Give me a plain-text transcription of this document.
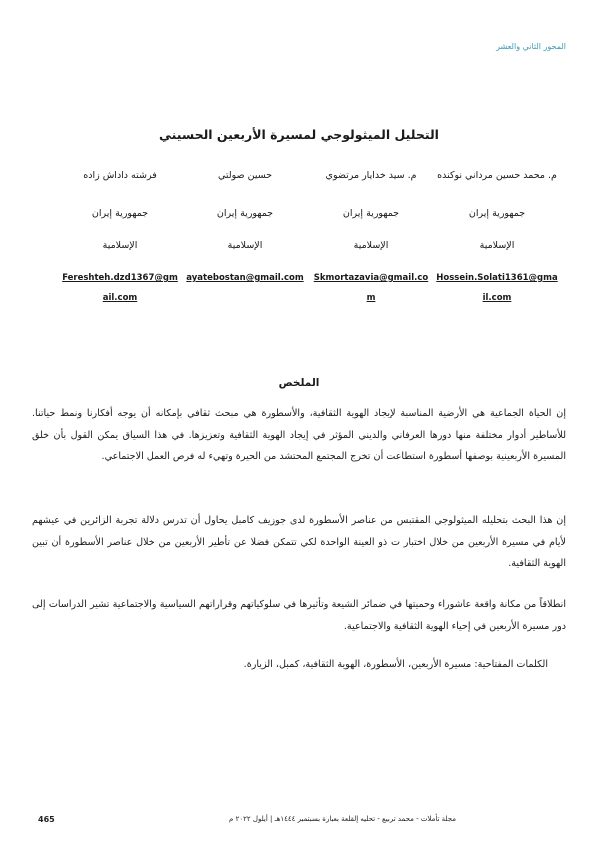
المحور الثاني والعشر
التحليل الميثولوجي لمسيرة الأربعين الحسيني
م. محمد حسين مرداني نوكنده
جمهورية إيران
الإسلامية
Hossein.Solati1361@gmail.com
م. سيد خدايار مرتضوي
جمهورية إيران
الإسلامية
Skmortazavia@gmail.com
حسين صولتي
جمهورية إيران
الإسلامية
ayatebostan@gmail.com
فرشته داداش زاده
جمهورية إيران
الإسلامية
Fereshteh.dzd1367@gmail.com
الملخص

إن الحياة الجماعية هي الأرضية المناسبة لإيجاد الهوية الثقافية، والأسطورة هي مبحث ثقافي بإمكانه أن يوجه أفكارنا ونمط حياتنا. للأساطير أدوار مختلفة منها دورها العرفاني والديني المؤثر في إيجاد الهوية الثقافية وتعزيزها. في هذا السياق يمكن القول بأن خلق المسيرة الأربعينية بوصفها أسطورة استطاعت أن تخرج المجتمع المحتشد من الحيرة وتهيء له فرص العمل الاجتماعي.

إن هذا البحث بتحليله الميثولوجي المقتبس من عناصر الأسطورة لدى جوزيف كامبل يحاول أن تدرس دلالة تجربة الزائرين في عيشهم لأيام في مسيرة الأربعين من خلال اختبار ت ذو العينة الواحدة لكي تتمكن فضلا عن تأطير الأربعين من خلال عناصر الأسطورة أن تبين الهوية الثقافية.

انطلاقاً من مكانة واقعة عاشوراء وحميتها في ضمائر الشيعة وتأثيرها في سلوكياتهم وقراراتهم السياسية والاجتماعية تشير الدراسات إلى دور مسيرة الأربعين في إحياء الهوية الثقافية والاجتماعية.

الكلمات المفتاحية: مسيرة الأربعين، الأسطورة، الهوية الثقافية، كمبل، الزيارة.

مجلة تأملات - محمد تربيع - تحليه إلقلعة بعبارة بسبتمبر ١٤٤٤هـ | أيلول ٢٠٢٢ م
465
